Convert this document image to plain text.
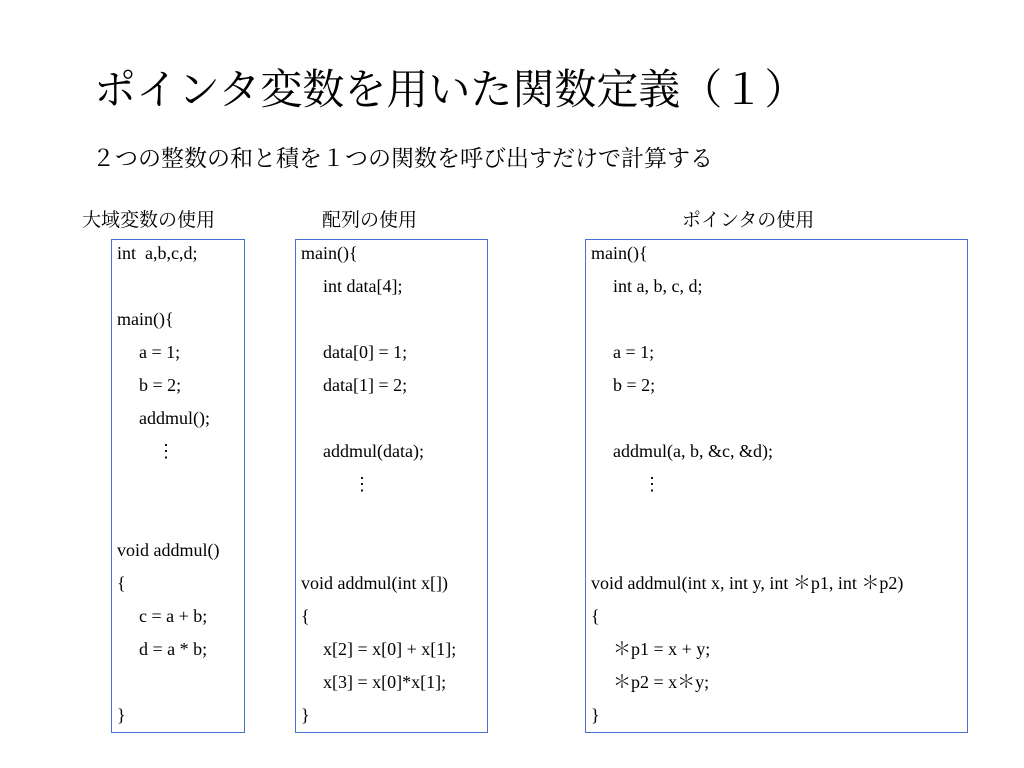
ポインタ変数を用いた関数定義（１）
２つの整数の和と積を１つの関数を呼び出すだけで計算する
大域変数の使用	配列の使用	ポインタの使用
int  a,b,c,d;
main(){
a = 1;
b = 2;
addmul();
⋮
void addmul()
{
c = a + b;
d = a * b;
}
main(){
int data[4];
data[0] = 1;
data[1] = 2;
addmul(data);
⋮
void addmul(int x[])
{
x[2] = x[0] + x[1];
x[3] = x[0]*x[1];
}
main(){
int a, b, c, d;
a = 1;
b = 2;
addmul(a, b, &c, &d);
⋮
void addmul(int x, int y, int ＊p1, int ＊p2)
{
＊p1 = x + y;
＊p2 = x＊y;
}
